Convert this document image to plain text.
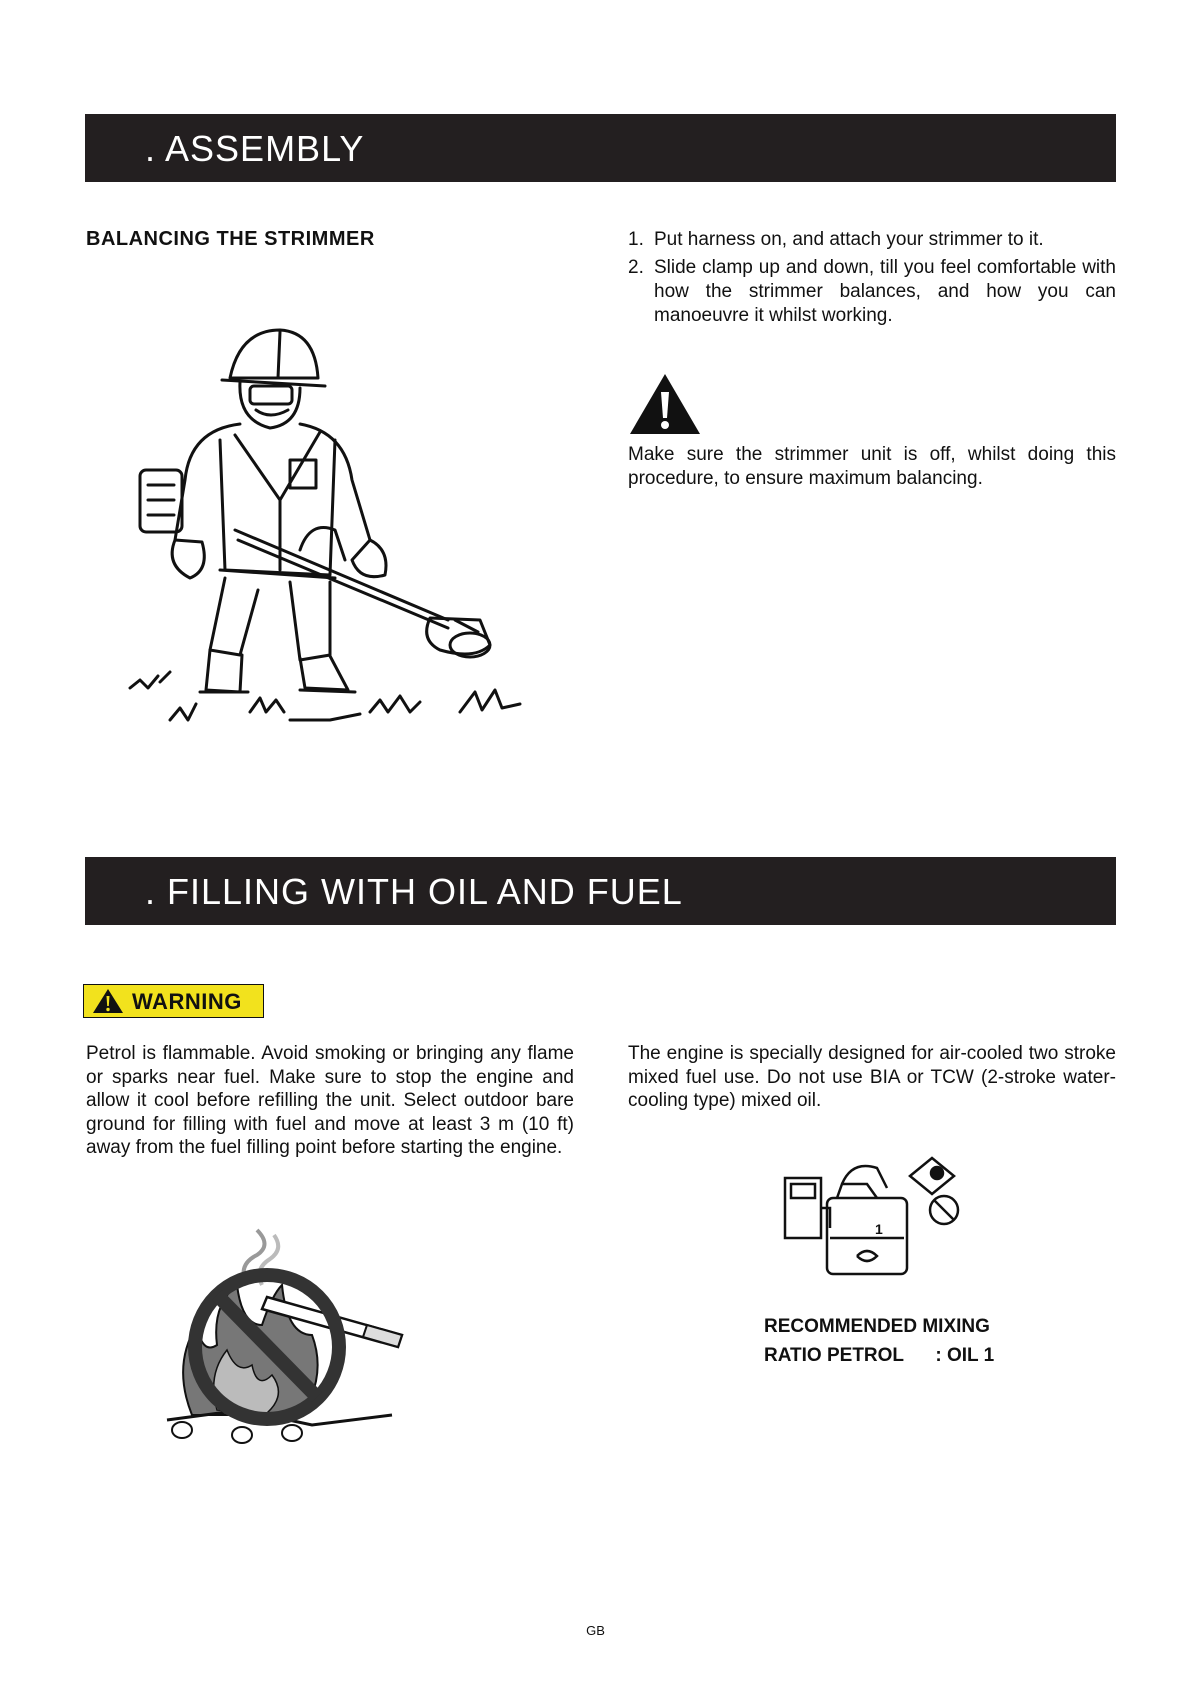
. ASSEMBLY
BALANCING THE STRIMMER	1. Put harness on, and attach your strimmer to it.
2. Slide clamp up and down, till you feel comfortable with how the strimmer balances, and how you can manoeuvre it whilst working.
Make sure the strimmer unit is off, whilst doing this procedure, to ensure maximum balancing.
. FILLING WITH OIL AND FUEL
WARNING
Petrol is flammable. Avoid smoking or bringing any flame or sparks near fuel. Make sure to stop the engine and allow it cool before refilling the unit. Select outdoor bare ground for filling with fuel and move at least 3 m (10 ft) away from the fuel filling point before starting the engine.
The engine is specially designed for air-cooled two stroke mixed fuel use. Do not use BIA or TCW (2-stroke water-cooling type) mixed oil.
1
RECOMMENDED MIXING
RATIO PETROL      : OIL 1
GB
